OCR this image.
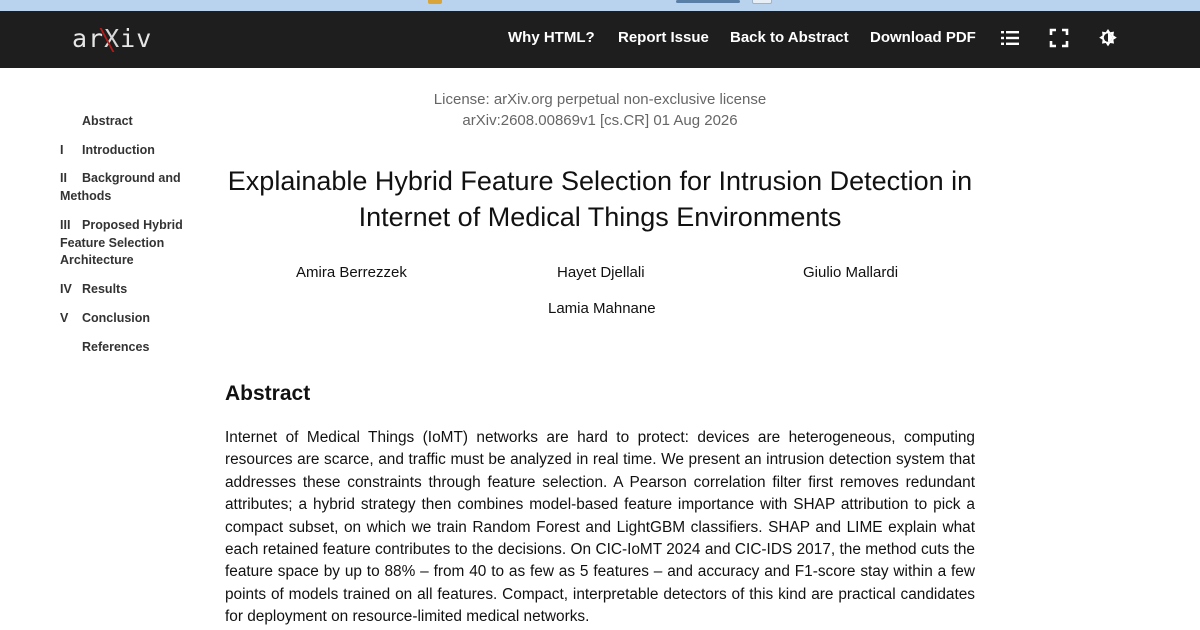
arXiv	Why HTML? Report Issue Back to Abstract Download PDF
Abstract
I Introduction
II Background and Methods
III Proposed Hybrid Feature Selection Architecture
IV Results
V Conclusion
References
License: arXiv.org perpetual non-exclusive license
arXiv:2608.00869v1 [cs.CR] 01 Aug 2026
Explainable Hybrid Feature Selection for Intrusion Detection in Internet of Medical Things Environments
Amira Berrezzek	Hayet Djellali	Giulio Mallardi
Lamia Mahnane
Abstract
Internet of Medical Things (IoMT) networks are hard to protect: devices are heterogeneous, computing resources are scarce, and traffic must be analyzed in real time. We present an intrusion detection system that addresses these constraints through feature selection. A Pearson correlation filter first removes redundant attributes; a hybrid strategy then combines model-based feature importance with SHAP attribution to pick a compact subset, on which we train Random Forest and LightGBM classifiers. SHAP and LIME explain what each retained feature contributes to the decisions. On CIC-IoMT 2024 and CIC-IDS 2017, the method cuts the feature space by up to 88% – from 40 to as few as 5 features – and accuracy and F1-score stay within a few points of models trained on all features. Compact, interpretable detectors of this kind are practical candidates for deployment on resource-limited medical networks.
